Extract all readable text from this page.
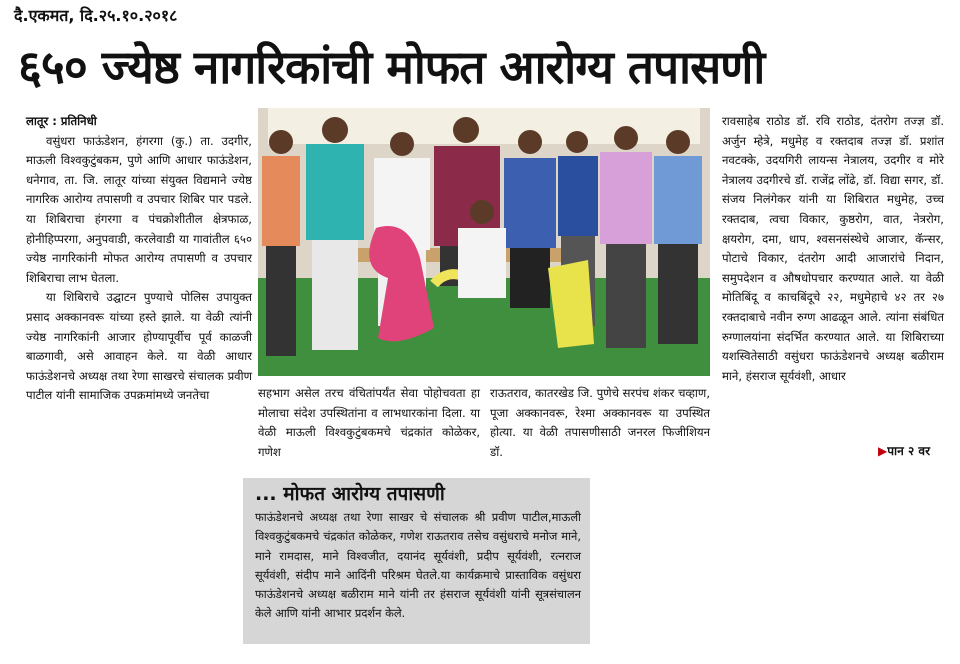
दै.एकमत, दि.२५.१०.२०१८
६५० ज्येष्ठ नागरिकांची मोफत आरोग्य तपासणी

लातूर : प्रतिनिधी

वसुंधरा फाऊंडेशन, हंगरगा (कु.) ता. उदगीर, माऊली विश्वकुटुंबकम, पुणे आणि आधार फाऊंडेशन, धनेगाव, ता. जि. लातूर यांच्या संयुक्त विद्यमाने ज्येष्ठ नागरिक आरोग्य तपासणी व उपचार शिबिर पार पडले. या शिबिराचा हंगरगा व पंचक्रोशीतील क्षेत्रफाळ, होनीहिप्परगा, अनुपवाडी, करलेवाडी या गावांतील ६५० ज्येष्ठ नागरिकांनी मोफत आरोग्य तपासणी व उपचार शिबिराचा लाभ घेतला.

या शिबिराचे उद्घाटन पुण्याचे पोलिस उपायुक्त प्रसाद अक्कानवरू यांच्या हस्ते झाले. या वेळी त्यांनी ज्येष्ठ नागरिकांनी आजार होण्यापूर्वीच पूर्व काळजी बाळगावी, असे आवाहन केले. या वेळी आधार फाऊंडेशनचे अध्यक्ष तथा रेणा साखरचे संचालक प्रवीण पाटील यांनी सामाजिक उपक्रमांमध्ये जनतेचा	सहभाग असेल तरच वंचितांपर्यंत सेवा पोहोचवता हा मोलाचा संदेश उपस्थितांना व लाभधारकांना दिला. या वेळी माऊली विश्वकुटुंबकमचे चंद्रकांत कोळेकर, गणेश

राऊतराव, कातरखेड जि. पुणेचे सरपंच शंकर चव्हाण, पूजा अक्कानवरू, रेश्मा अक्कानवरू या उपस्थित होत्या. या वेळी तपासणीसाठी जनरल फिजीशियन डॉ.

रावसाहेब राठोड डॉ. रवि राठोड, दंतरोग तज्ज्ञ डॉ. अर्जुन म्हेत्रे, मधुमेह व रक्तदाब तज्ज्ञ डॉ. प्रशांत नवटक्के, उदयगिरी लायन्स नेत्रालय, उदगीर व मोरे नेत्रालय उदगीरचे डॉ. राजेंद्र लोंढे, डॉ. विद्या सगर, डॉ. संजय निलंगेकर यांनी या शिबिरात मधुमेह, उच्च रक्तदाब, त्वचा विकार, कुष्ठरोग, वात, नेत्ररोग, क्षयरोग, दमा, धाप, श्वसनसंस्थेचे आजार, कॅन्सर, पोटाचे विकार, दंतरोग आदी आजारांचे निदान, समुपदेशन व औषधोपचार करण्यात आले. या वेळी मोतिबिंदू व काचबिंदूचे २२, मधुमेहाचे ४२ तर २७ रक्तदाबाचे नवीन रुग्ण आढळून आले. त्यांना संबंधित रुग्णालयांना संदर्भित करण्यात आले. या शिबिराच्या यशस्वितेसाठी वसुंधरा फाऊंडेशनचे अध्यक्ष बळीराम माने, हंसराज सूर्यवंशी, आधार

▶पान २ वर
... मोफत आरोग्य तपासणी

फाऊंडेशनचे अध्यक्ष तथा रेणा साखर चे संचालक श्री प्रवीण पाटील,माऊली विश्वकुटुंबकमचे चंद्रकांत कोळेकर, गणेश राऊतराव तसेच वसुंधराचे मनोज माने, माने रामदास, माने विश्वजीत, दयानंद सूर्यवंशी, प्रदीप सूर्यवंशी, रत्नराज सूर्यवंशी, संदीप माने आदिंनी परिश्रम घेतले.या कार्यक्रमाचे प्रास्ताविक वसुंधरा फाऊंडेशनचे अध्यक्ष बळीराम माने यांनी तर हंसराज सूर्यवंशी यांनी सूत्रसंचालन केले आणि यांनी आभार प्रदर्शन केले.
